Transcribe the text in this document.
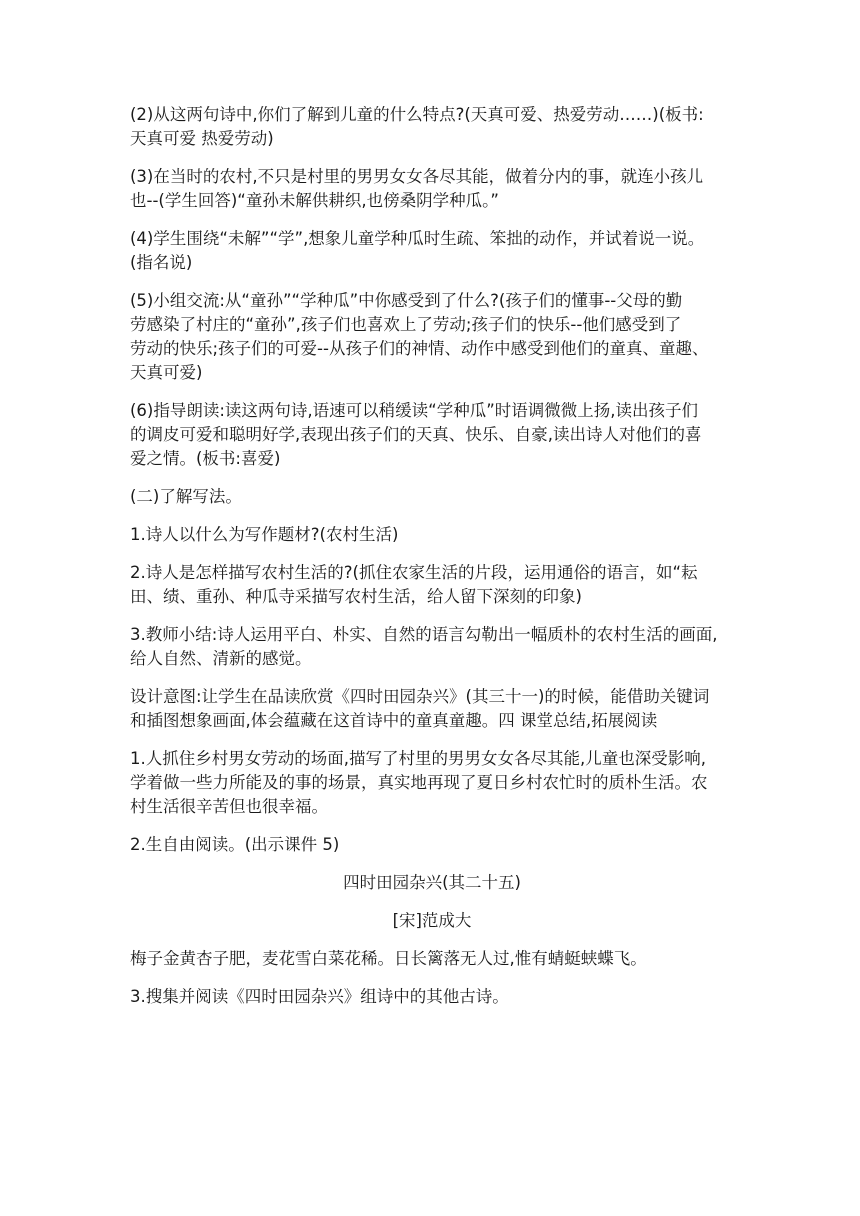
(2)从这两句诗中,你们了解到儿童的什么特点?(天真可爱、热爱劳动……)(板书:
天真可爱 热爱劳动)
(3)在当时的农村,不只是村里的男男女女各尽其能，做着分内的事，就连小孩儿
也--(学生回答)“童孙未解供耕织,也傍桑阴学种瓜。”
(4)学生围绕“未解”“学”,想象儿童学种瓜时生疏、笨拙的动作，并试着说一说。
(指名说)
(5)小组交流:从“童孙”“学种瓜”中你感受到了什么?(孩子们的懂事--父母的勤
劳感染了村庄的“童孙”,孩子们也喜欢上了劳动;孩子们的快乐--他们感受到了
劳动的快乐;孩子们的可爱--从孩子们的神情、动作中感受到他们的童真、童趣、
天真可爱)
(6)指导朗读:读这两句诗,语速可以稍缓读“学种瓜”时语调微微上扬,读出孩子们
的调皮可爱和聪明好学,表现出孩子们的天真、快乐、自豪,读出诗人对他们的喜
爱之情。(板书:喜爱)
(二)了解写法。
1.诗人以什么为写作题材?(农村生活)
2.诗人是怎样描写农村生活的?(抓住农家生活的片段，运用通俗的语言，如“耘
田、绩、重孙、种瓜寺采描写农村生活，给人留下深刻的印象)
3.教师小结:诗人运用平白、朴实、自然的语言勾勒出一幅质朴的农村生活的画面,
给人自然、清新的感觉。
设计意图:让学生在品读欣赏《四时田园杂兴》(其三十一)的时候，能借助关键词
和插图想象画面,体会蕴藏在这首诗中的童真童趣。四 课堂总结,拓展阅读
1.人抓住乡村男女劳动的场面,描写了村里的男男女女各尽其能,儿童也深受影响,
学着做一些力所能及的事的场景，真实地再现了夏日乡村农忙时的质朴生活。农
村生活很辛苦但也很幸福。
2.生自由阅读。(出示课件 5)
四时田园杂兴(其二十五)
[宋]范成大
梅子金黄杏子肥，麦花雪白菜花稀。日长篱落无人过,惟有蜻蜓蛱蝶飞。
3.搜集并阅读《四时田园杂兴》组诗中的其他古诗。
